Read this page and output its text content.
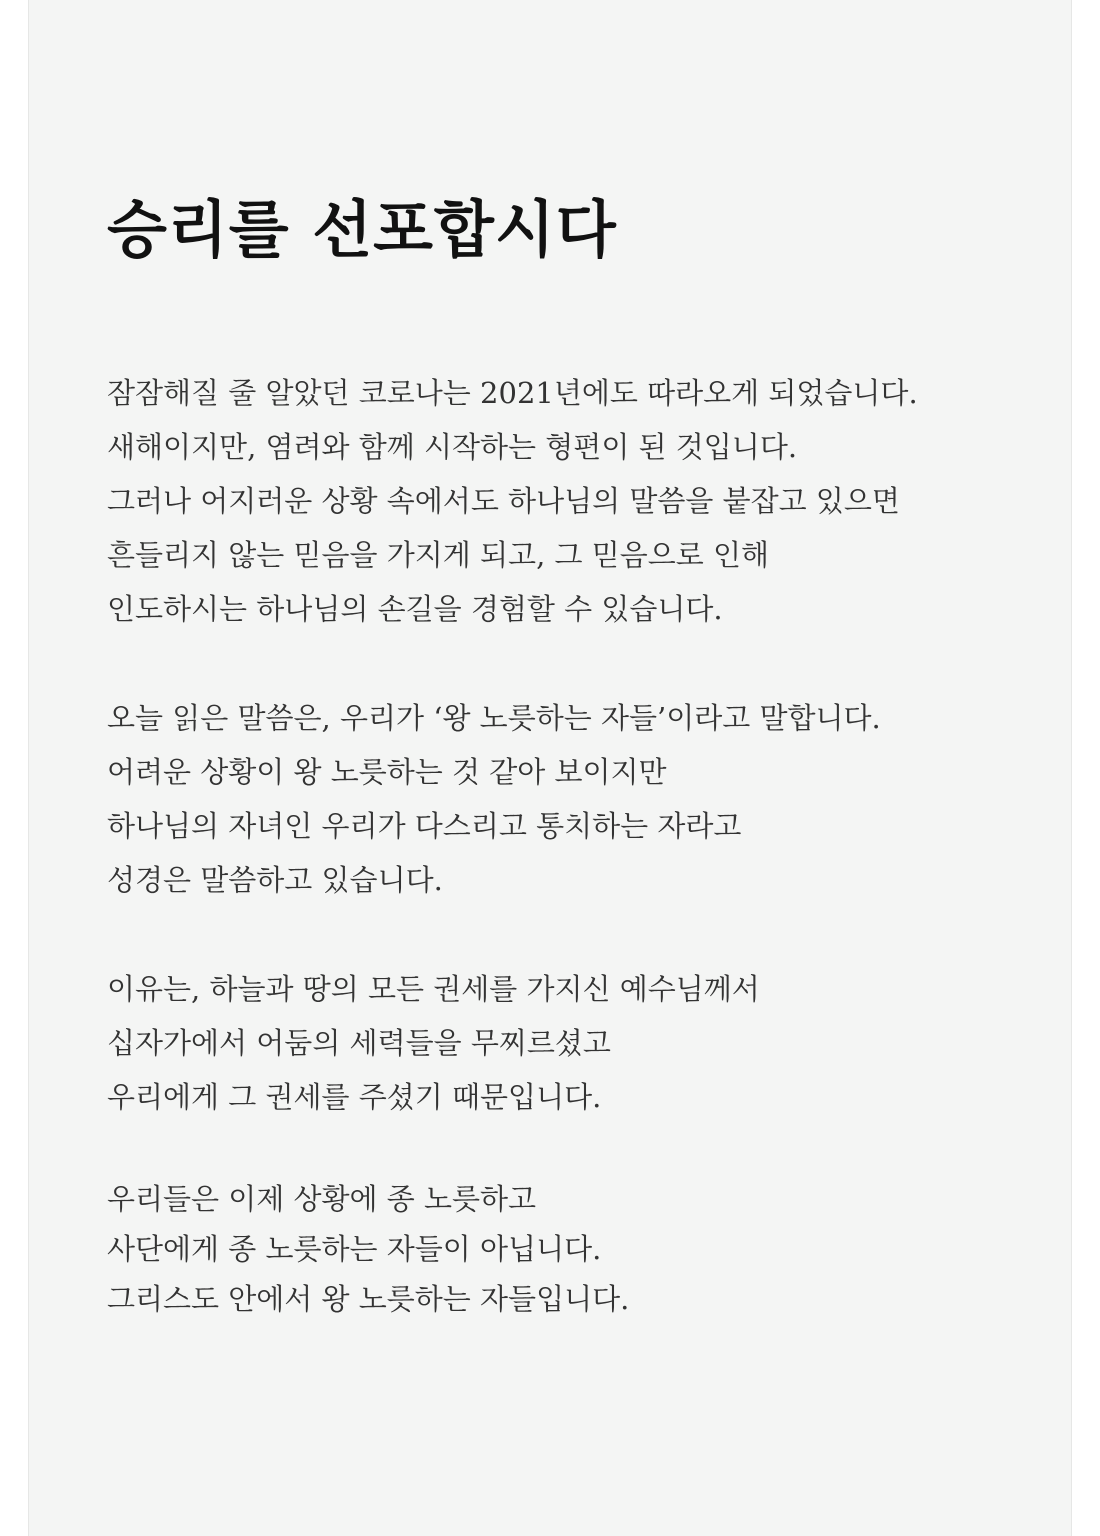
승리를 선포합시다

잠잠해질 줄 알았던 코로나는 2021년에도 따라오게 되었습니다.
새해이지만, 염려와 함께 시작하는 형편이 된 것입니다.
그러나 어지러운 상황 속에서도 하나님의 말씀을 붙잡고 있으면
흔들리지 않는 믿음을 가지게 되고, 그 믿음으로 인해
인도하시는 하나님의 손길을 경험할 수 있습니다.

오늘 읽은 말씀은, 우리가 ‘왕 노릇하는 자들’이라고 말합니다.
어려운 상황이 왕 노릇하는 것 같아 보이지만
하나님의 자녀인 우리가 다스리고 통치하는 자라고
성경은 말씀하고 있습니다.

이유는, 하늘과 땅의 모든 권세를 가지신 예수님께서
십자가에서 어둠의 세력들을 무찌르셨고
우리에게 그 권세를 주셨기 때문입니다.

우리들은 이제 상황에 종 노릇하고
사단에게 종 노릇하는 자들이 아닙니다.
그리스도 안에서 왕 노릇하는 자들입니다.
